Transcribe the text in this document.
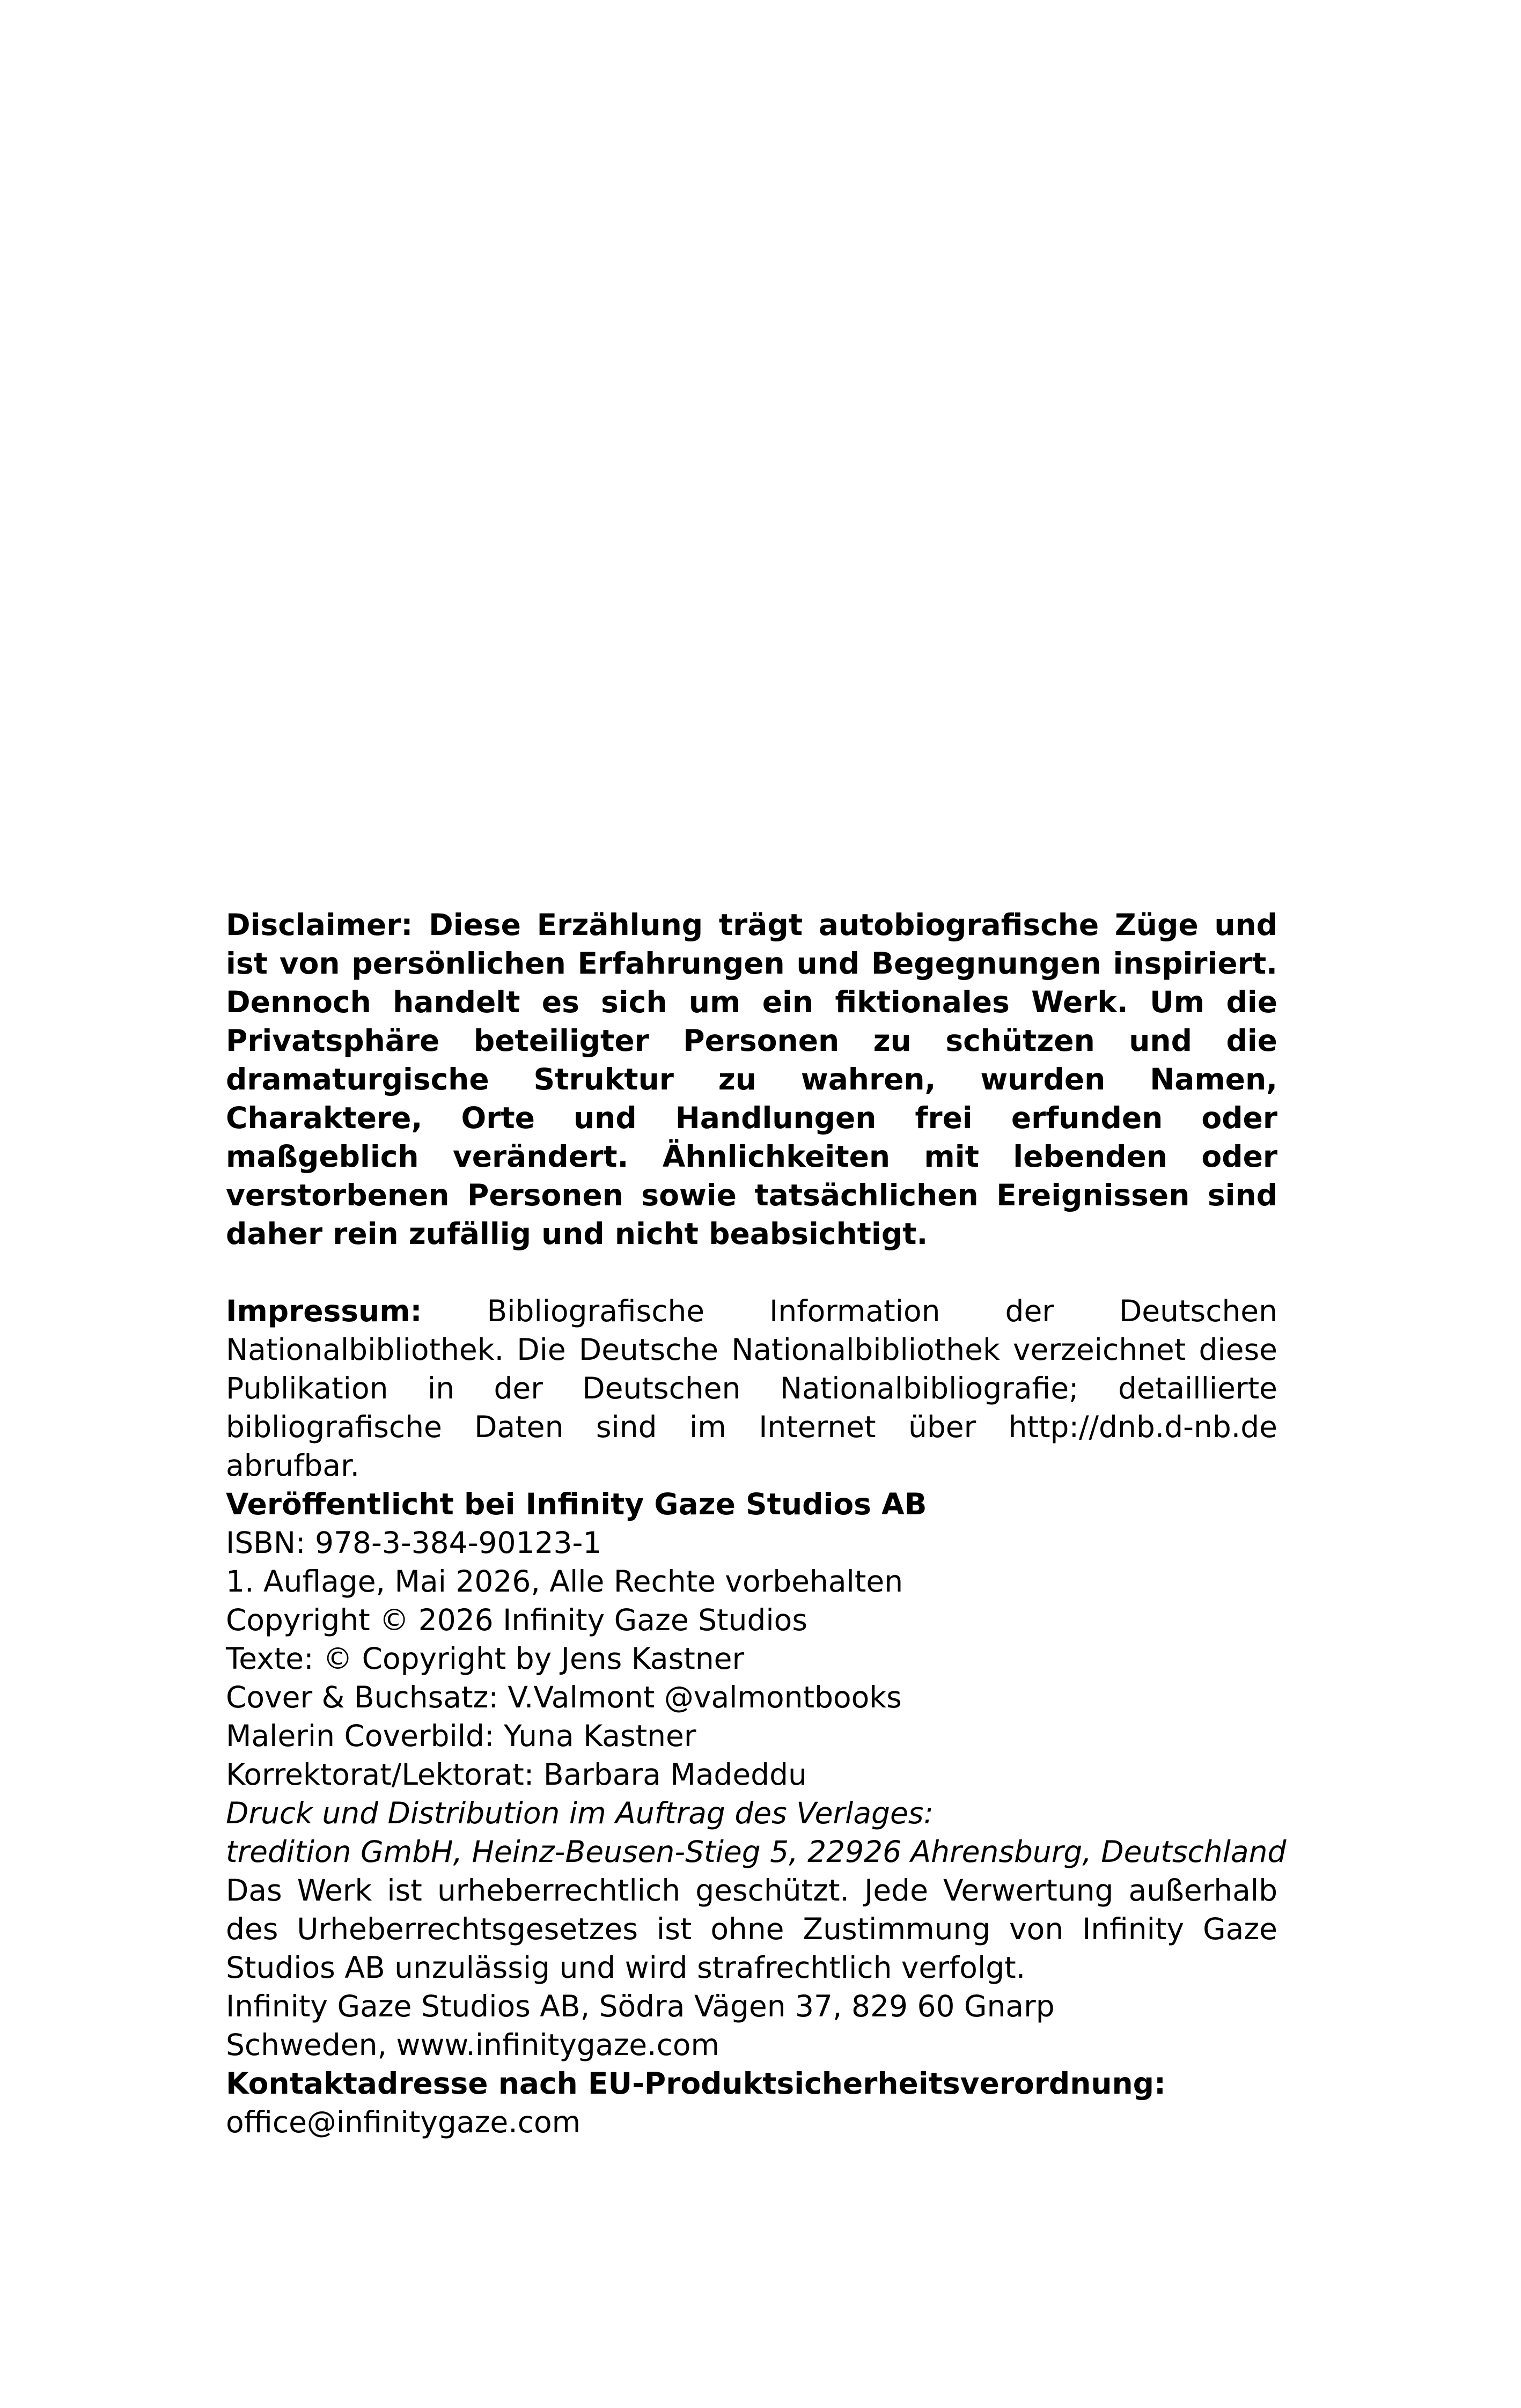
Disclaimer: Diese Erzählung trägt autobiografische Züge und ist von persönlichen Erfahrungen und Begegnungen inspiriert. Dennoch handelt es sich um ein fiktionales Werk. Um die Privatsphäre beteiligter Personen zu schützen und die dramaturgische Struktur zu wahren, wurden Namen, Charaktere, Orte und Handlungen frei erfunden oder maßgeblich verändert. Ähnlichkeiten mit lebenden oder verstorbenen Personen sowie tatsächlichen Ereignissen sind daher rein zufällig und nicht beabsichtigt.

Impressum: Bibliografische Information der Deutschen Nationalbibliothek. Die Deutsche Nationalbibliothek verzeichnet diese Publikation in der Deutschen Nationalbibliografie; detaillierte bibliografische Daten sind im Internet über http://dnb.d-nb.de abrufbar.

Veröffentlicht bei Infinity Gaze Studios AB
ISBN: 978-3-384-90123-1
1. Auflage, Mai 2026, Alle Rechte vorbehalten
Copyright © 2026 Infinity Gaze Studios
Texte: © Copyright by Jens Kastner
Cover & Buchsatz: V.Valmont @valmontbooks
Malerin Coverbild: Yuna Kastner
Korrektorat/Lektorat: Barbara Madeddu
Druck und Distribution im Auftrag des Verlages:
tredition GmbH, Heinz-Beusen-Stieg 5, 22926 Ahrensburg, Deutschland

Das Werk ist urheberrechtlich geschützt. Jede Verwertung außerhalb des Urheberrechtsgesetzes ist ohne Zustimmung von Infinity Gaze Studios AB unzulässig und wird strafrechtlich verfolgt.

Infinity Gaze Studios AB, Södra Vägen 37, 829 60 Gnarp
Schweden, www.infinitygaze.com
Kontaktadresse nach EU-Produktsicherheitsverordnung:
office@infinitygaze.com
